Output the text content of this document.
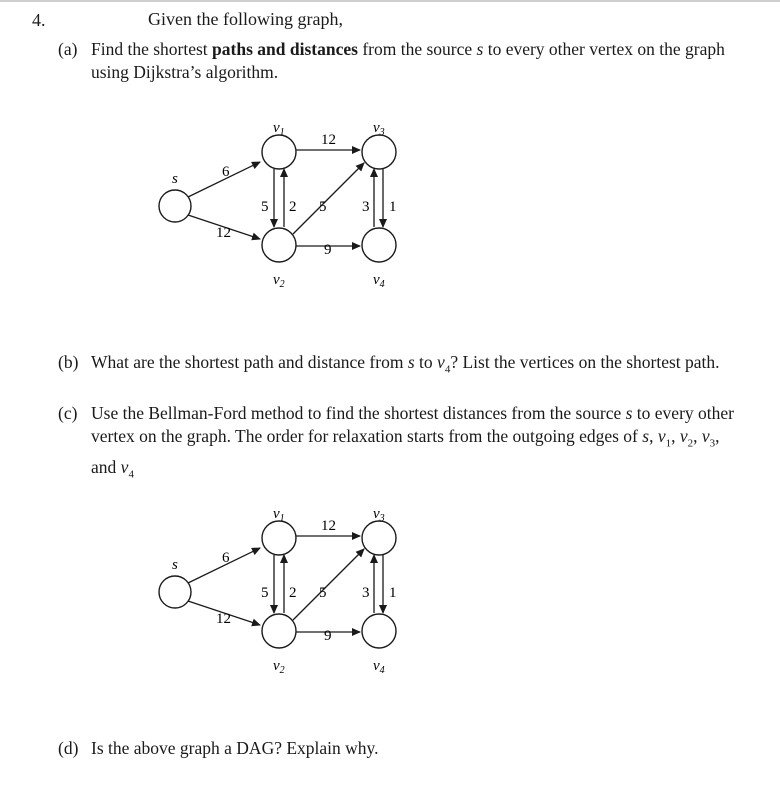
4.	Given the following graph,
(a) Find the shortest paths and distances from the source s to every other vertex on the graph using Dijkstra’s algorithm.
s
$v_1$
$v_2$
$v_3$
$v_4$
6
12
12
5 2 5
9
3 1
(b) What are the shortest path and distance from s to $v_4$? List the vertices on the shortest path.
(c) Use the Bellman-Ford method to find the shortest distances from the source s to every other vertex on the graph. The order for relaxation starts from the outgoing edges of s, $v_1$, $v_2$, $v_3$, and $v_4$
s
$v_1$
$v_2$
$v_3$
$v_4$
6
12
12
5 2 5
9
3 1
(d) Is the above graph a DAG? Explain why.
